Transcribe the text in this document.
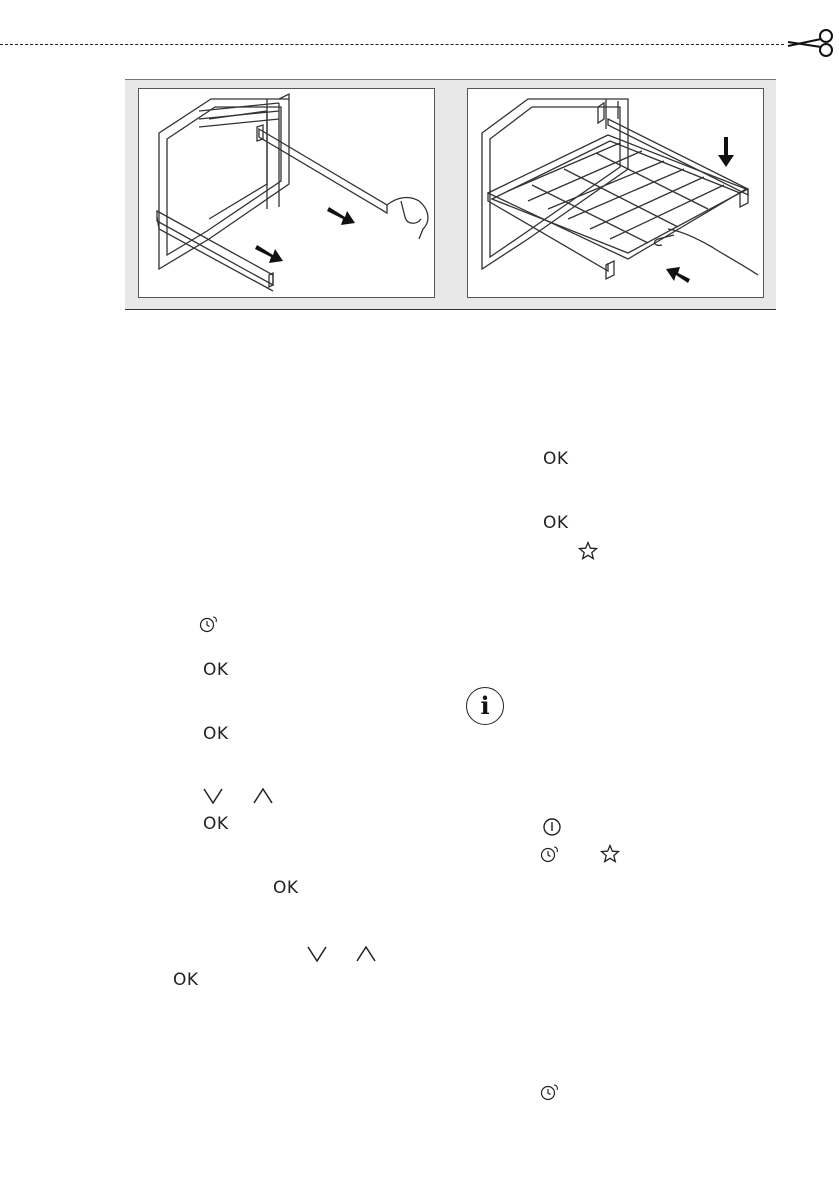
OK
OK
i
OK
OK
OK
OK
OK
